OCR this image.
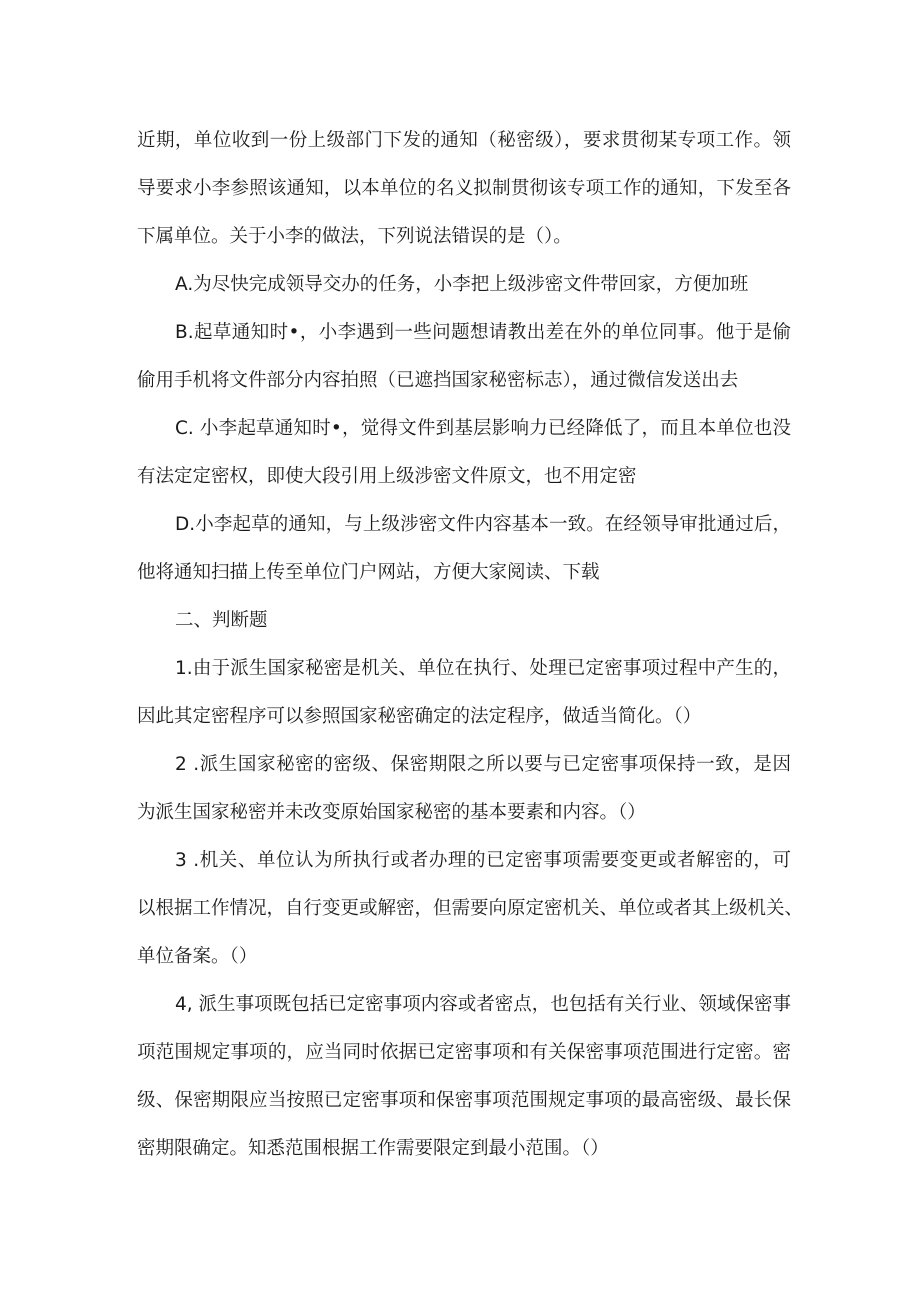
近期，单位收到一份上级部门下发的通知（秘密级），要求贯彻某专项工作。领
导要求小李参照该通知，以本单位的名义拟制贯彻该专项工作的通知，下发至各
下属单位。关于小李的做法，下列说法错误的是（）。
A.为尽快完成领导交办的任务，小李把上级涉密文件带回家，方便加班
B.起草通知时•，小李遇到一些问题想请教出差在外的单位同事。他于是偷
偷用手机将文件部分内容拍照（已遮挡国家秘密标志），通过微信发送出去
C. 小李起草通知时•，觉得文件到基层影响力已经降低了，而且本单位也没
有法定定密权，即使大段引用上级涉密文件原文，也不用定密
D.小李起草的通知，与上级涉密文件内容基本一致。在经领导审批通过后，
他将通知扫描上传至单位门户网站，方便大家阅读、下载
二、判断题
1.由于派生国家秘密是机关、单位在执行、处理已定密事项过程中产生的，
因此其定密程序可以参照国家秘密确定的法定程序，做适当简化。（）
2 .派生国家秘密的密级、保密期限之所以要与已定密事项保持一致，是因
为派生国家秘密并未改变原始国家秘密的基本要素和内容。（）
3 .机关、单位认为所执行或者办理的已定密事项需要变更或者解密的，可
以根据工作情况，自行变更或解密，但需要向原定密机关、单位或者其上级机关、
单位备案。（）
4, 派生事项既包括已定密事项内容或者密点，也包括有关行业、领域保密事
项范围规定事项的，应当同时依据已定密事项和有关保密事项范围进行定密。密
级、保密期限应当按照已定密事项和保密事项范围规定事项的最高密级、最长保
密期限确定。知悉范围根据工作需要限定到最小范围。（）
